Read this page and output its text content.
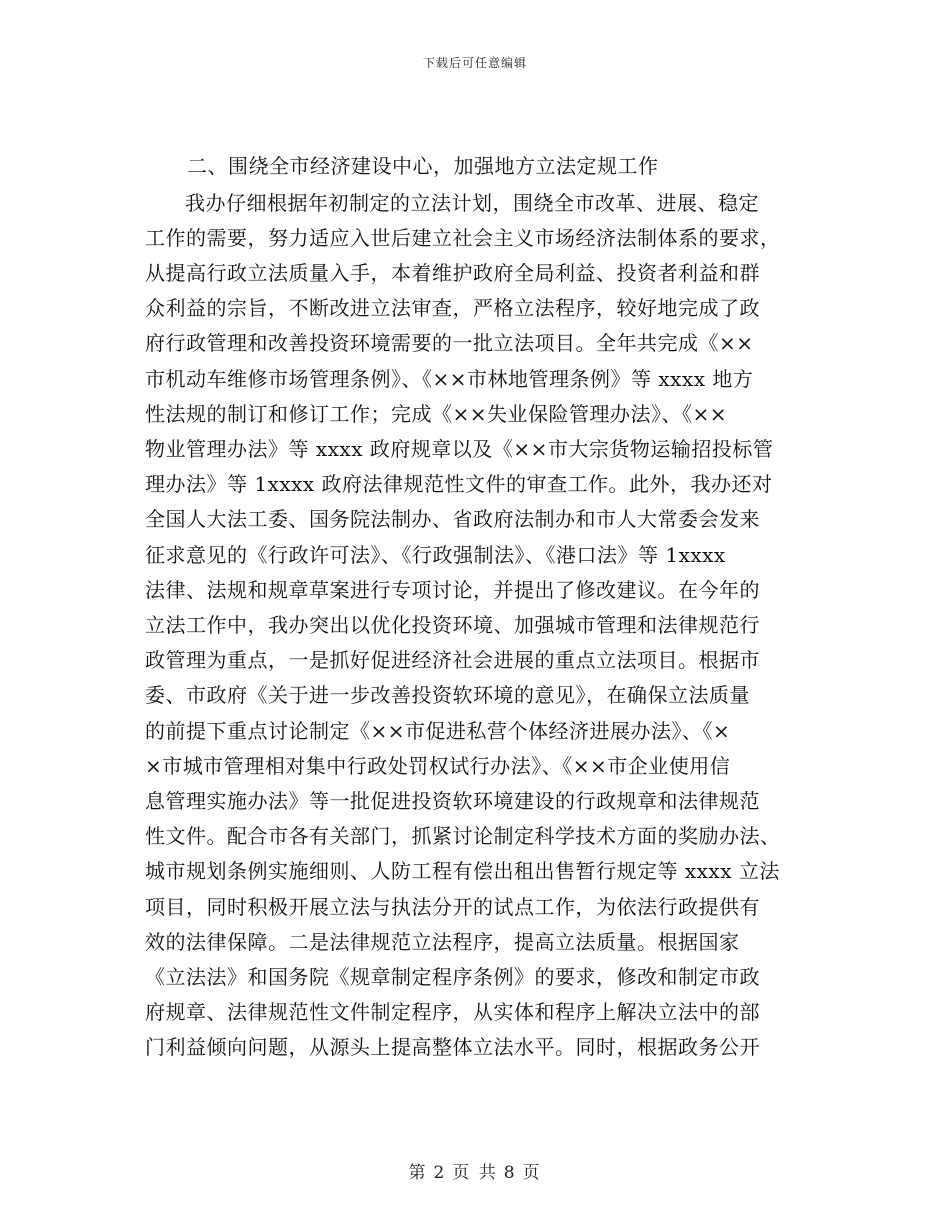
下载后可任意编辑
二、围绕全市经济建设中心，加强地方立法定规工作

我办仔细根据年初制定的立法计划，围绕全市改革、进展、稳定
工作的需要，努力适应入世后建立社会主义市场经济法制体系的要求，
从提高行政立法质量入手，本着维护政府全局利益、投资者利益和群
众利益的宗旨，不断改进立法审查，严格立法程序，较好地完成了政
府行政管理和改善投资环境需要的一批立法项目。全年共完成《××
市机动车维修市场管理条例》、《××市林地管理条例》等 xxxx 地方
性法规的制订和修订工作；完成《××失业保险管理办法》、《××
物业管理办法》等 xxxx 政府规章以及《××市大宗货物运输招投标管
理办法》等 1xxxx 政府法律规范性文件的审查工作。此外，我办还对
全国人大法工委、国务院法制办、省政府法制办和市人大常委会发来
征求意见的《行政许可法》、《行政强制法》、《港口法》等 1xxxx
法律、法规和规章草案进行专项讨论，并提出了修改建议。在今年的
立法工作中，我办突出以优化投资环境、加强城市管理和法律规范行
政管理为重点，一是抓好促进经济社会进展的重点立法项目。根据市
委、市政府《关于进一步改善投资软环境的意见》，在确保立法质量
的前提下重点讨论制定《××市促进私营个体经济进展办法》、《×
×市城市管理相对集中行政处罚权试行办法》、《××市企业使用信
息管理实施办法》等一批促进投资软环境建设的行政规章和法律规范
性文件。配合市各有关部门，抓紧讨论制定科学技术方面的奖励办法、
城市规划条例实施细则、人防工程有偿出租出售暂行规定等 xxxx 立法
项目，同时积极开展立法与执法分开的试点工作，为依法行政提供有
效的法律保障。二是法律规范立法程序，提高立法质量。根据国家
《立法法》和国务院《规章制定程序条例》的要求，修改和制定市政
府规章、法律规范性文件制定程序，从实体和程序上解决立法中的部
门利益倾向问题，从源头上提高整体立法水平。同时，根据政务公开

第 2 页 共 8 页
